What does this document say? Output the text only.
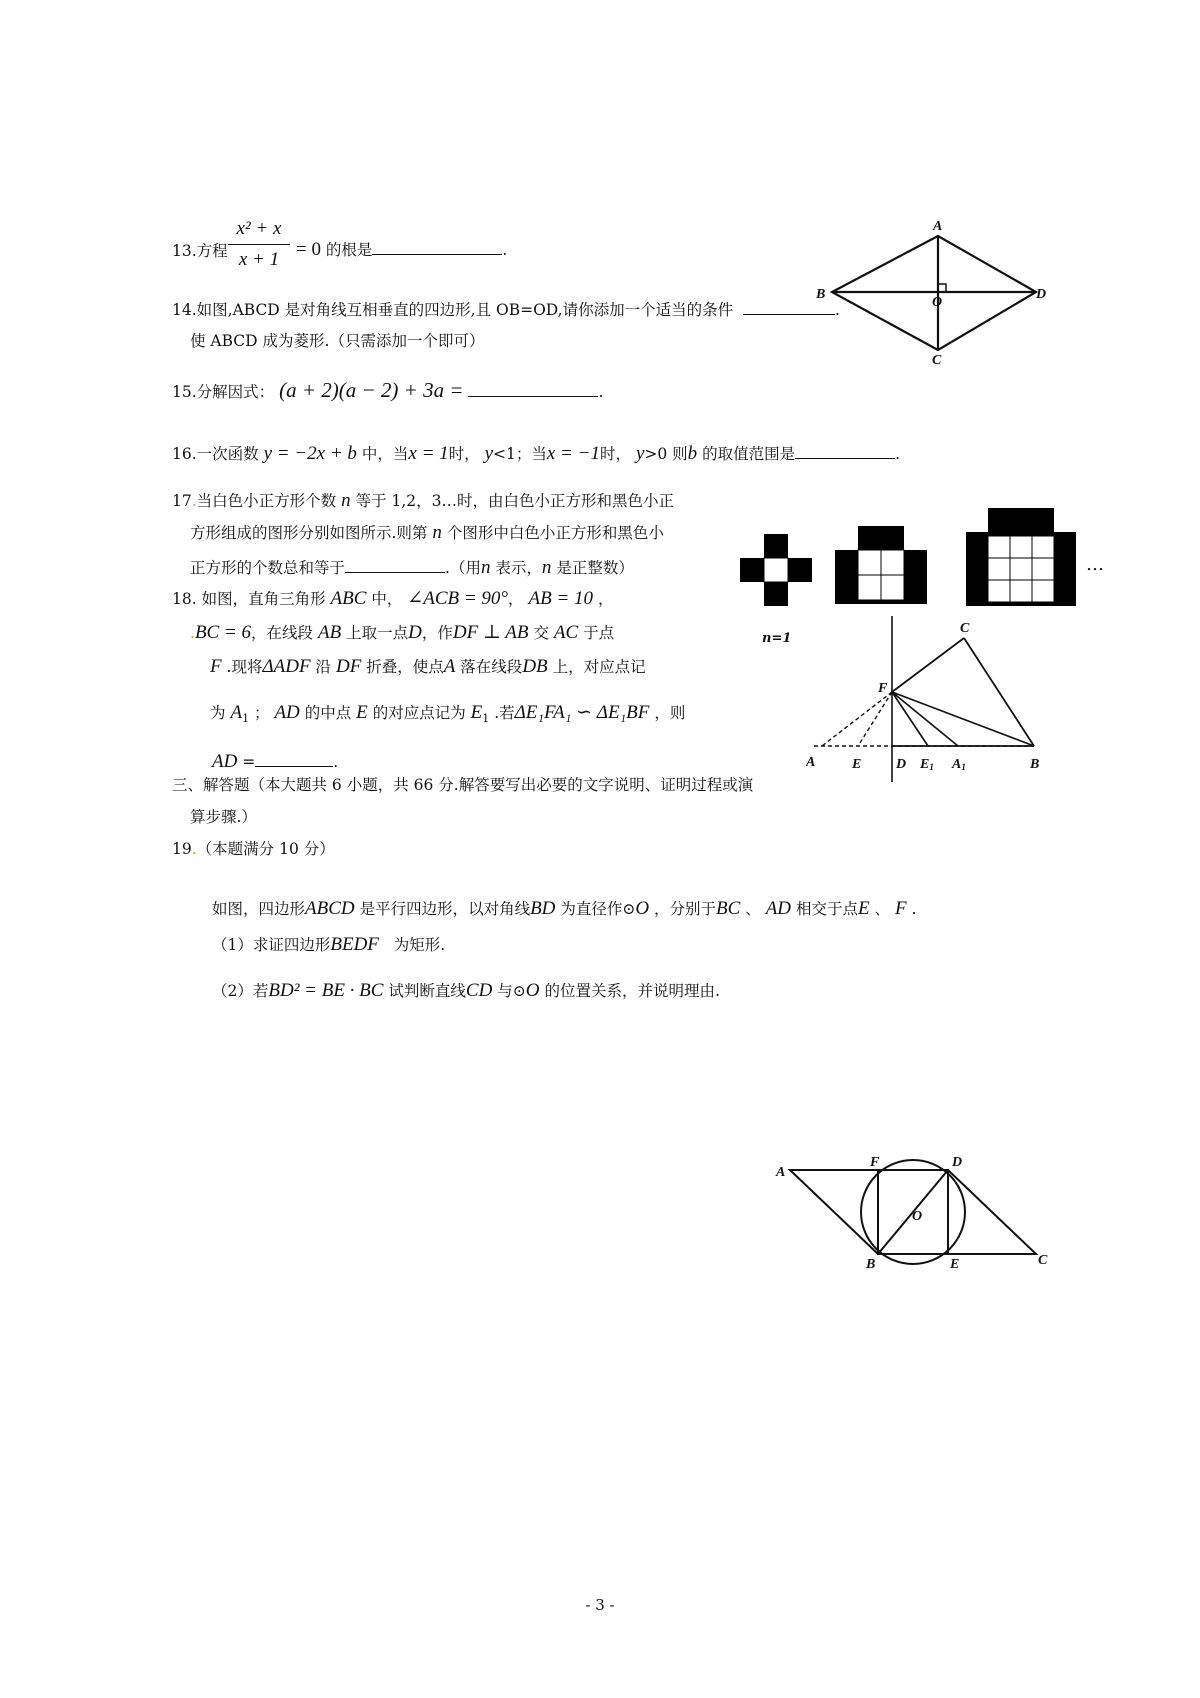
13.方程
x² + x
x + 1 = 0 的根是	.
A
B
C
D
O
14.如图,ABCD 是对角线互相垂直的四边形,且 OB=OD,请你添加一个适当的条件	.
使 ABCD 成为菱形.（只需添加一个即可）
15.分解因式： (a + 2)(a − 2) + 3a =	.
16.一次函数 y = −2x + b 中，当x = 1时， y<1；当x = −1时， y>0 则b 的取值范围是	.
17.当白色小正方形个数 n 等于 1,2，3…时，由白色小正方形和黑色小正
方形组成的图形分别如图所示.则第 n 个图形中白色小正方形和黑色小
正方形的个数总和等于	.（用n 表示，n 是正整数）	…
n=1
18. 如图，直角三角形 ABC 中， ∠ACB = 90°， AB = 10 ，
.BC = 6，在线段 AB 上取一点D，作DF ⊥ AB 交 AC 于点
F .现将ΔADF 沿 DF 折叠，使点A 落在线段DB 上，对应点记
为 $A_1$ ； AD 的中点 E 的对应点记为 $E_1$ .若ΔE₁FA₁ ∽ ΔE₁BF ，则
AD =	.
C
F
A	E D E1 A1	B
三、解答题（本大题共 6 小题，共 66 分.解答要写出必要的文字说明、证明过程或演
算步骤.）
19.（本题满分 10 分）
如图，四边形ABCD 是平行四边形，以对角线BD 为直径作⊙O ，分别于BC 、 AD 相交于点E 、 F .
（1）求证四边形BEDF 为矩形.
（2）若BD² = BE · BC 试判断直线CD 与⊙O 的位置关系，并说明理由.
A
F	D
O
B	E	C
- 3 -
